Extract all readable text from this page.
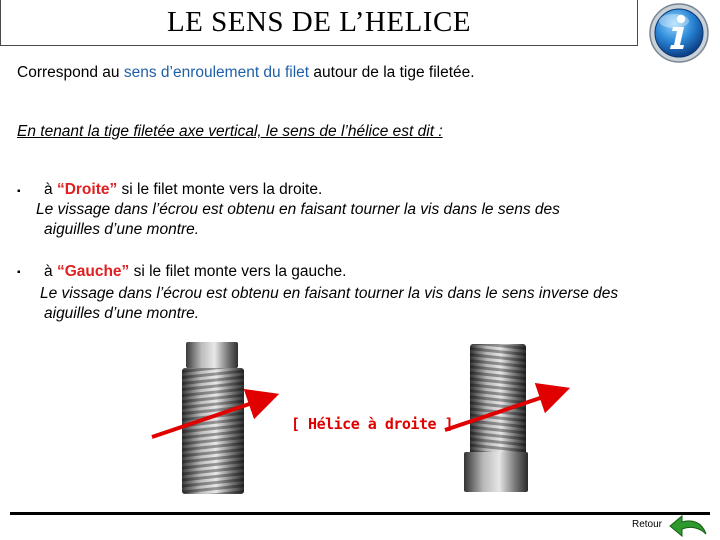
LE SENS DE L’HELICE
Correspond au sens d’enroulement du filet autour de la tige filetée.
En tenant la tige filetée axe vertical, le sens de l’hélice est dit :
▪ à “Droite” si le filet monte vers la droite.
Le vissage dans l’écrou est obtenu en faisant tourner la vis dans le sens des
aiguilles d’une montre.
▪ à “Gauche” si le filet monte vers la gauche.
Le vissage dans l’écrou est obtenu en faisant tourner la vis dans le sens inverse des
aiguilles d’une montre.
[ Hélice à droite ]
Retour
